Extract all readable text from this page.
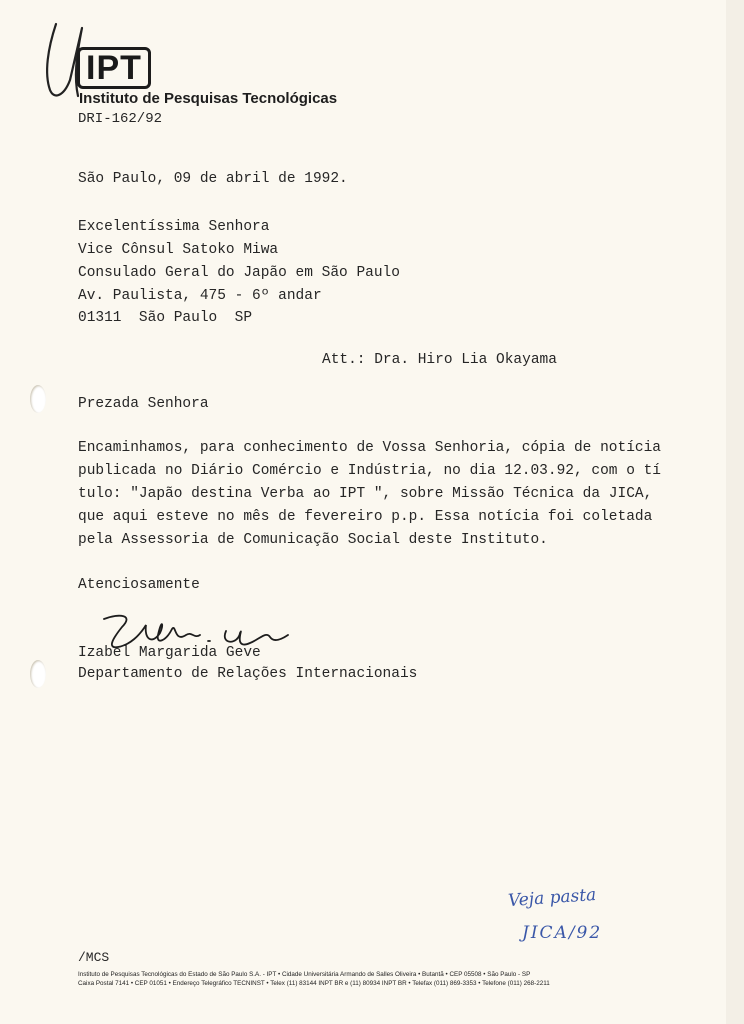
IPT
Instituto de Pesquisas Tecnológicas
DRI-162/92
São Paulo, 09 de abril de 1992.
Excelentíssima Senhora
Vice Cônsul Satoko Miwa
Consulado Geral do Japão em São Paulo
Av. Paulista, 475 - 6º andar
01311  São Paulo  SP
Att.: Dra. Hiro Lia Okayama
Prezada Senhora
Encaminhamos, para conhecimento de Vossa Senhoria, cópia de notícia
publicada no Diário Comércio e Indústria, no dia 12.03.92, com o tí
tulo: "Japão destina Verba ao IPT ", sobre Missão Técnica da JICA,
que aqui esteve no mês de fevereiro p.p. Essa notícia foi coletada
pela Assessoria de Comunicação Social deste Instituto.
Atenciosamente
Izabel Margarida Geve
Departamento de Relações Internacionais
Veja pasta
JICA/92
/MCS
Instituto de Pesquisas Tecnológicas do Estado de São Paulo S.A. - IPT • Cidade Universitária Armando de Salles Oliveira • Butantã • CEP 05508 • São Paulo - SP
Caixa Postal 7141 • CEP 01051 • Endereço Telegráfico TECNINST • Telex (11) 83144 INPT BR e (11) 80934 INPT BR • Telefax (011) 869-3353 • Telefone (011) 268-2211
